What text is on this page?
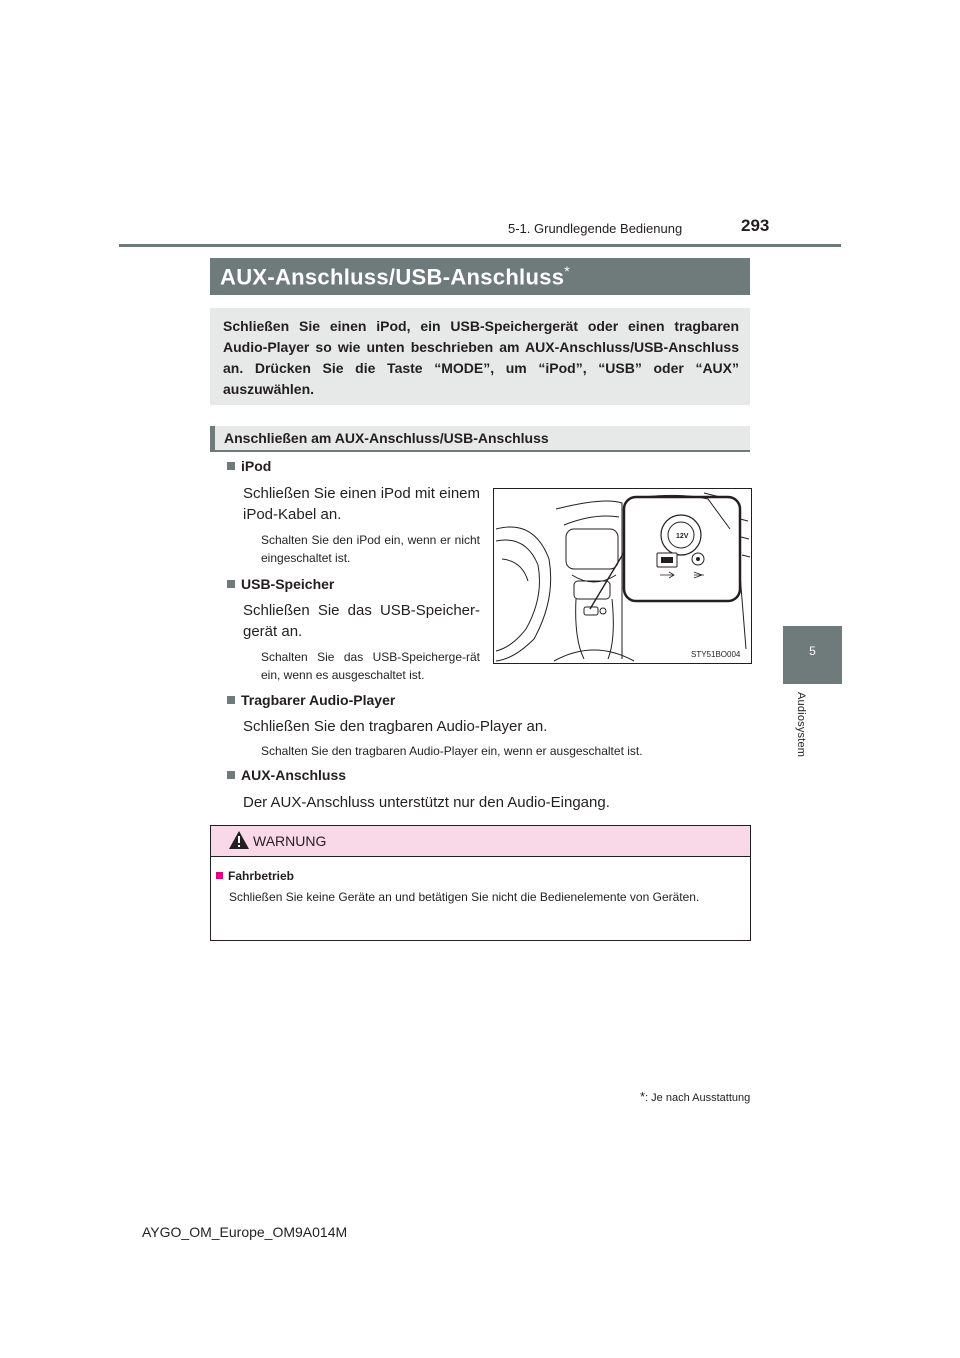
5-1. Grundlegende Bedienung	293
5
Audiosystem
AUX-Anschluss/USB-Anschluss*

Schließen Sie einen iPod, ein USB-Speichergerät oder einen tragbaren Audio-Player so wie unten beschrieben am AUX-Anschluss/USB-Anschluss an. Drücken Sie die Taste “MODE”, um “iPod”, “USB” oder “AUX” auszuwählen.

Anschließen am AUX-Anschluss/USB-Anschluss
iPod
Schließen Sie einen iPod mit einem iPod-Kabel an.
Schalten Sie den iPod ein, wenn er nicht eingeschaltet ist.
USB-Speicher
Schließen Sie das USB-Speicher-gerät an.
Schalten Sie das USB-Speicherge-rät ein, wenn es ausgeschaltet ist.
Tragbarer Audio-Player
Schließen Sie den tragbaren Audio-Player an.
Schalten Sie den tragbaren Audio-Player ein, wenn er ausgeschaltet ist.
AUX-Anschluss
Der AUX-Anschluss unterstützt nur den Audio-Eingang.
12V
STY51BO004
WARNUNG
Fahrbetrieb
Schließen Sie keine Geräte an und betätigen Sie nicht die Bedienelemente von Geräten.
*: Je nach Ausstattung
AYGO_OM_Europe_OM9A014M
